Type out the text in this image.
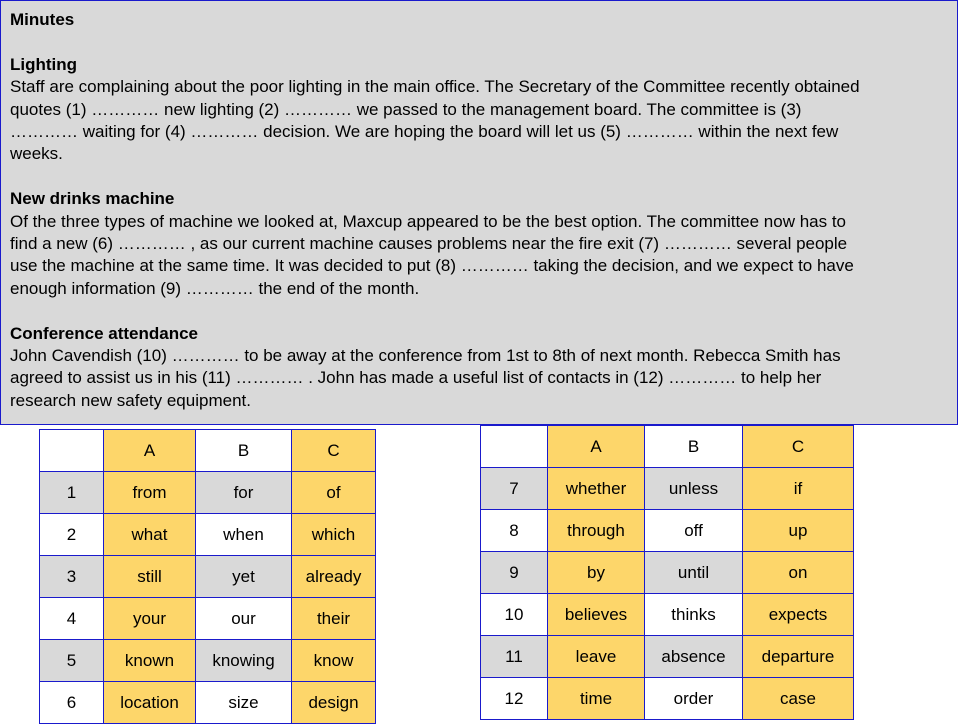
Minutes

Lighting

Staff are complaining about the poor lighting in the main office. The Secretary of the Committee recently obtained

quotes (1) ………… new lighting (2) ………… we passed to the management board. The committee is (3)

………… waiting for (4) ………… decision. We are hoping the board will let us (5) ………… within the next few

weeks.

New drinks machine

Of the three types of machine we looked at, Maxcup appeared to be the best option. The committee now has to

find a new (6) ………… , as our current machine causes problems near the fire exit (7) ………… several people

use the machine at the same time. It was decided to put (8) ………… taking the decision, and we expect to have

enough information (9) ………… the end of the month.

Conference attendance

John Cavendish (10) ………… to be away at the conference from 1st to 8th of next month. Rebecca Smith has

agreed to assist us in his (11) ………… . John has made a useful list of contacts in (12) ………… to help her

research new safety equipment.

	A	B	C
1	from	for	of
2	what	when	which
3	still	yet	already
4	your	our	their
5	known	knowing	know
6	location	size	design
	A	B	C
7	whether	unless	if
8	through	off	up
9	by	until	on
10	believes	thinks	expects
11	leave	absence	departure
12	time	order	case
